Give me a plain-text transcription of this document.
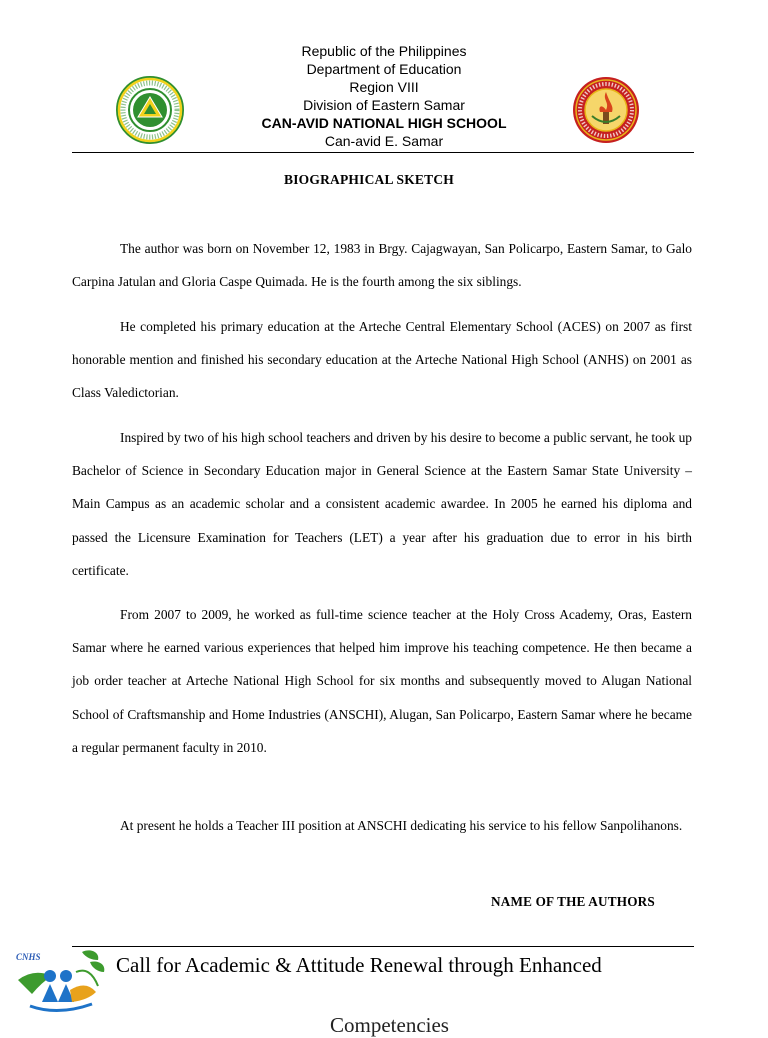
Republic of the Philippines
Department of Education
Region VIII
Division of Eastern Samar
CAN-AVID NATIONAL HIGH SCHOOL
Can-avid E. Samar
BIOGRAPHICAL SKETCH

The author was born on November 12, 1983 in Brgy. Cajagwayan, San Policarpo, Eastern Samar, to Galo Carpina Jatulan and Gloria Caspe Quimada. He is the fourth among the six siblings.

He completed his primary education at the Arteche Central Elementary School (ACES) on 2007 as first honorable mention and finished his secondary education at the Arteche National High School (ANHS) on 2001 as Class Valedictorian.

Inspired by two of his high school teachers and driven by his desire to become a public servant, he took up Bachelor of Science in Secondary Education major in General Science at the Eastern Samar State University – Main Campus as an academic scholar and a consistent academic awardee. In 2005 he earned his diploma and passed the Licensure Examination for Teachers (LET) a year after his graduation due to error in his birth certificate.

From 2007 to 2009, he worked as full-time science teacher at the Holy Cross Academy, Oras, Eastern Samar where he earned various experiences that helped him improve his teaching competence. He then became a job order teacher at Arteche National High School for six months and subsequently moved to Alugan National School of Craftsmanship and Home Industries (ANSCHI), Alugan, San Policarpo, Eastern Samar where he became a regular permanent faculty in 2010.

At present he holds a Teacher III position at ANSCHI dedicating his service to his fellow Sanpolihanons.

NAME OF THE AUTHORS
CNHS	Call for Academic & Attitude Renewal through Enhanced
Competencies
